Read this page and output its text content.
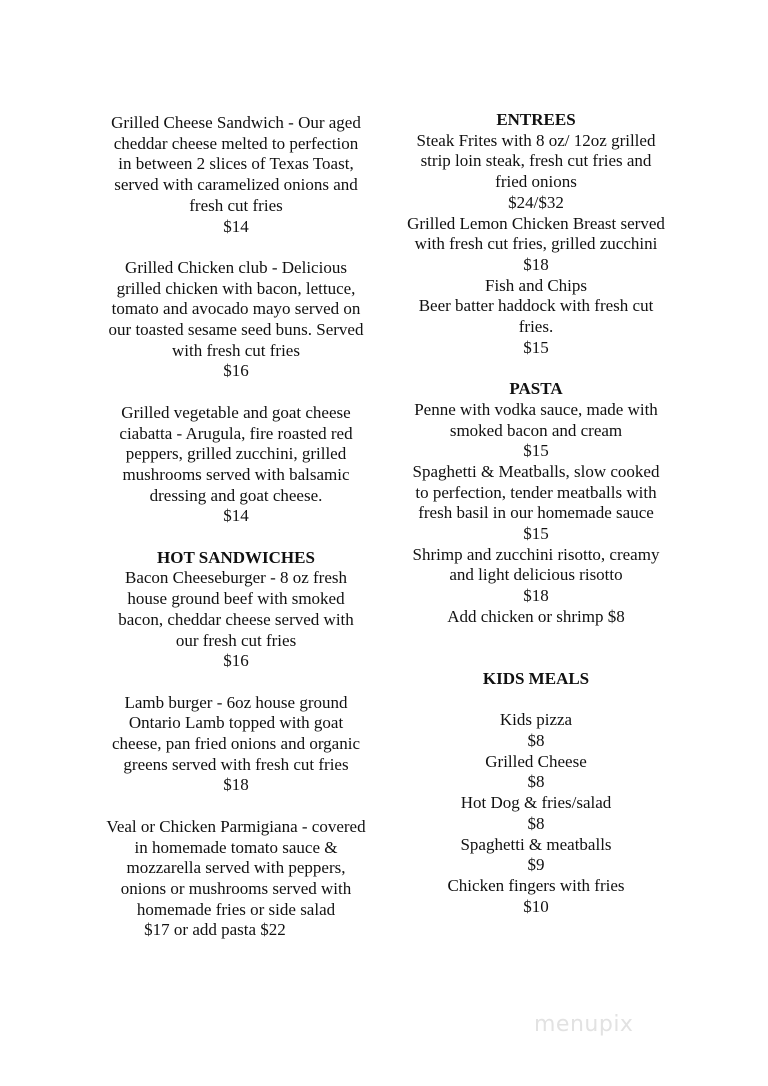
Grilled Cheese Sandwich - Our aged
cheddar cheese melted to perfection
in between 2 slices of Texas Toast,
served with caramelized onions and
fresh cut fries
$14
Grilled Chicken club - Delicious
grilled chicken with bacon, lettuce,
tomato and avocado mayo served on
our toasted sesame seed buns. Served
with fresh cut fries
$16
Grilled vegetable and goat cheese
ciabatta - Arugula, fire roasted red
peppers, grilled zucchini, grilled
mushrooms served with balsamic
dressing and goat cheese.
$14
HOT SANDWICHES
Bacon Cheeseburger - 8 oz fresh
house ground beef with smoked
bacon, cheddar cheese served with
our fresh cut fries
$16
Lamb burger - 6oz house ground
Ontario Lamb topped with goat
cheese, pan fried onions and organic
greens served with fresh cut fries
$18
Veal or Chicken Parmigiana - covered
in homemade tomato sauce &
mozzarella served with peppers,
onions or mushrooms served with
homemade fries or side salad
$17 or add pasta $22
ENTREES
Steak Frites with 8 oz/ 12oz grilled
strip loin steak, fresh cut fries and
fried onions
$24/$32
Grilled Lemon Chicken Breast served
with fresh cut fries, grilled zucchini
$18
Fish and Chips
Beer batter haddock with fresh cut
fries.
$15
PASTA
Penne with vodka sauce, made with
smoked bacon and cream
$15
Spaghetti & Meatballs, slow cooked
to perfection, tender meatballs with
fresh basil in our homemade sauce
$15
Shrimp and zucchini risotto, creamy
and light delicious risotto
$18
Add chicken or shrimp $8
KIDS MEALS
Kids pizza
$8
Grilled Cheese
$8
Hot Dog & fries/salad
$8
Spaghetti & meatballs
$9
Chicken fingers with fries
$10
menupix
